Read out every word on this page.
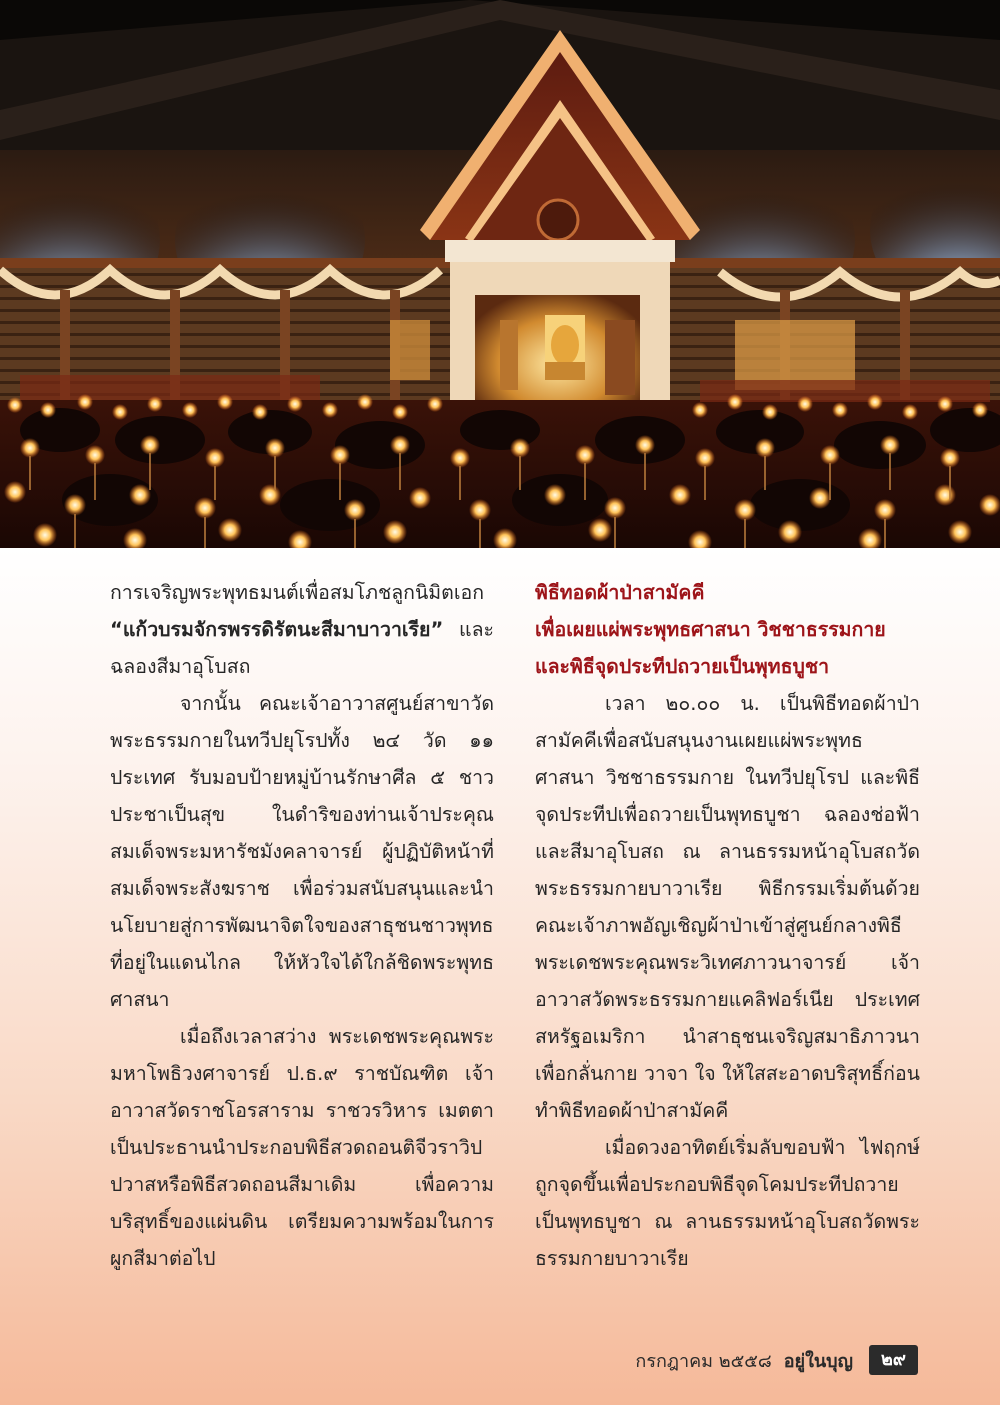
การเจริญพระพุทธมนต์เพื่อสมโภชลูกนิมิตเอก
“แก้วบรมจักรพรรดิรัตนะสีมาบาวาเรีย” และฉลองสีมาอุโบสถ

จากนั้น คณะเจ้าอาวาสศูนย์สาขาวัดพระธรรมกายในทวีปยุโรปทั้ง ๒๔ วัด ๑๑ ประเทศ รับมอบป้ายหมู่บ้านรักษาศีล ๕ ชาวประชาเป็นสุข ในดำริของท่านเจ้าประคุณสมเด็จพระมหารัชมังคลาจารย์ ผู้ปฏิบัติหน้าที่สมเด็จพระสังฆราช เพื่อร่วมสนับสนุนและนำนโยบายสู่การพัฒนาจิตใจของสาธุชนชาวพุทธที่อยู่ในแดนไกล ให้หัวใจได้ใกล้ชิดพระพุทธศาสนา

เมื่อถึงเวลาสว่าง พระเดชพระคุณพระมหาโพธิวงศาจารย์ ป.ธ.๙ ราชบัณฑิต เจ้าอาวาสวัดราชโอรสาราม ราชวรวิหาร เมตตาเป็นประธานนำประกอบพิธีสวดถอนติจีวราวิปปวาสหรือพิธีสวดถอนสีมาเดิม เพื่อความบริสุทธิ์ของแผ่นดิน เตรียมความพร้อมในการผูกสีมาต่อไป

พิธีทอดผ้าป่าสามัคคี

เพื่อเผยแผ่พระพุทธศาสนา วิชชาธรรมกาย

และพิธีจุดประทีปถวายเป็นพุทธบูชา

เวลา ๒๐.๐๐ น. เป็นพิธีทอดผ้าป่าสามัคคีเพื่อสนับสนุนงานเผยแผ่พระพุทธศาสนา วิชชาธรรมกาย ในทวีปยุโรป และพิธีจุดประทีปเพื่อถวายเป็นพุทธบูชา ฉลองช่อฟ้าและสีมาอุโบสถ ณ ลานธรรมหน้าอุโบสถวัดพระธรรมกายบาวาเรีย พิธีกรรมเริ่มต้นด้วยคณะเจ้าภาพอัญเชิญผ้าป่าเข้าสู่ศูนย์กลางพิธีพระเดชพระคุณพระวิเทศภาวนาจารย์ เจ้าอาวาสวัดพระธรรมกายแคลิฟอร์เนีย ประเทศสหรัฐอเมริกา นำสาธุชนเจริญสมาธิภาวนาเพื่อกลั่นกาย วาจา ใจ ให้ใสสะอาดบริสุทธิ์ก่อนทำพิธีทอดผ้าป่าสามัคคี

เมื่อดวงอาทิตย์เริ่มลับขอบฟ้า ไฟฤกษ์ถูกจุดขึ้นเพื่อประกอบพิธีจุดโคมประทีปถวายเป็นพุทธบูชา ณ ลานธรรมหน้าอุโบสถวัดพระธรรมกายบาวาเรีย

กรกฎาคม ๒๕๕๘ อยู่ในบุญ	๒๙
